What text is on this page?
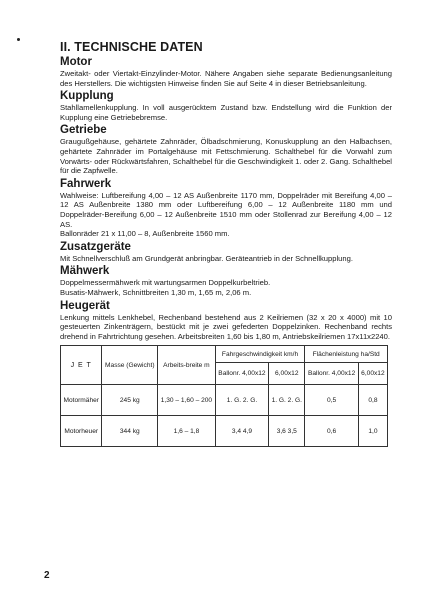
II. TECHNISCHE DATEN
Motor

Zweitakt- oder Viertakt-Einzylinder-Motor. Nähere Angaben siehe separate Bedienungsanleitung des Herstellers. Die wichtigsten Hinweise finden Sie auf Seite 4 in dieser Betriebsanleitung.

Kupplung

Stahllamellenkupplung. In voll ausgerücktem Zustand bzw. Endstellung wird die Funktion der Kupplung eine Getriebebremse.

Getriebe

Graugußgehäuse, gehärtete Zahnräder, Ölbadschmierung, Konuskupplung an den Halbachsen, gehärtete Zahnräder im Portalgehäuse mit Fettschmierung. Schalthebel für die Vorwahl zum Vorwärts- oder Rückwärtsfahren, Schalthebel für die Geschwindigkeit 1. oder 2. Gang. Schalthebel für die Zapfwelle.

Fahrwerk

Wahlweise: Luftbereifung 4,00 – 12 AS Außenbreite 1170 mm, Doppelräder mit Bereifung 4,00 – 12 AS Außenbreite 1380 mm oder Luftbereifung 6,00 – 12 Außenbreite 1180 mm und Doppelräder-Bereifung 6,00 – 12 Außenbreite 1510 mm oder Stollenrad zur Bereifung 4,00 – 12 AS.

Ballonräder 21 x 11,00 – 8, Außenbreite 1560 mm.

Zusatzgeräte

Mit Schnellverschluß am Grundgerät anbringbar. Geräteantrieb in der Schnellkupplung.

Mähwerk

Doppelmessermähwerk mit wartungsarmen Doppelkurbeltrieb.

Busatis-Mähwerk, Schnittbreiten 1,30 m, 1,65 m, 2,06 m.

Heugerät

Lenkung mittels Lenkhebel, Rechenband bestehend aus 2 Keilriemen (32 x 20 x 4000) mit 10 gesteuerten Zinkenträgern, bestückt mit je zwei gefederten Doppelzinken. Rechenband rechts drehend in Fahrtrichtung gesehen. Arbeitsbreiten 1,60 bis 1,80 m, Antriebskeilriemen 17x11x2240.

J E T	Masse (Gewicht)	Arbeits-breite m	Fahrgeschwindigkeit km/h		Flächenleistung ha/Std	
			Ballonr. 4,00x12	6,00x12	Ballonr. 4,00x12	6,00x12
Motormäher	245 kg	1,30 – 1,60 – 200	1. G. 2. G.	1. G. 2. G.	0,5	0,8
Motorheuer	344 kg	1,6 – 1,8	3,4 4,9	3,6 3,5	0,6	1,0
2
